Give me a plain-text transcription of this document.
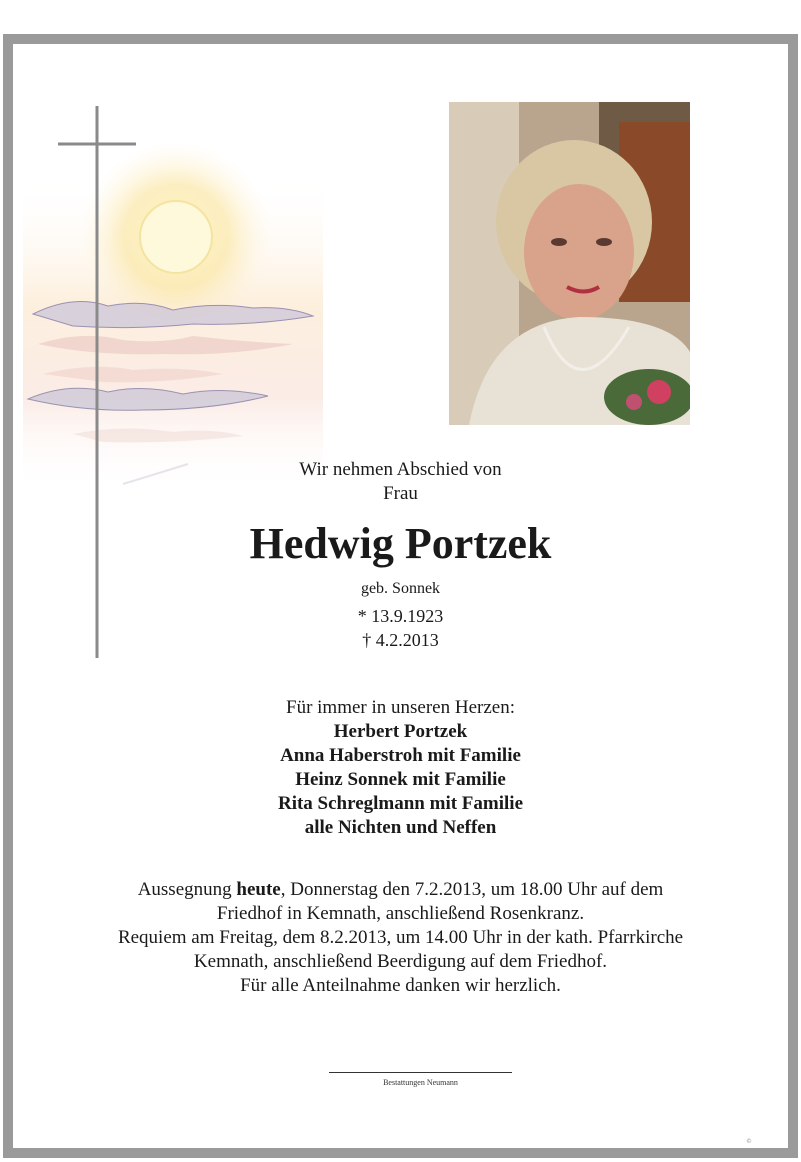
Wir nehmen Abschied von
Frau
Hedwig Portzek
geb. Sonnek
* 13.9.1923
† 4.2.2013
Für immer in unseren Herzen:
Herbert Portzek
Anna Haberstroh mit Familie
Heinz Sonnek mit Familie
Rita Schreglmann mit Familie
alle Nichten und Neffen
Aussegnung heute, Donnerstag den 7.2.2013, um 18.00 Uhr auf dem
Friedhof in Kemnath, anschließend Rosenkranz.
Requiem am Freitag, dem 8.2.2013, um 14.00 Uhr in der kath. Pfarrkirche
Kemnath, anschließend Beerdigung auf dem Friedhof.
Für alle Anteilnahme danken wir herzlich.
Bestattungen Neumann
©
